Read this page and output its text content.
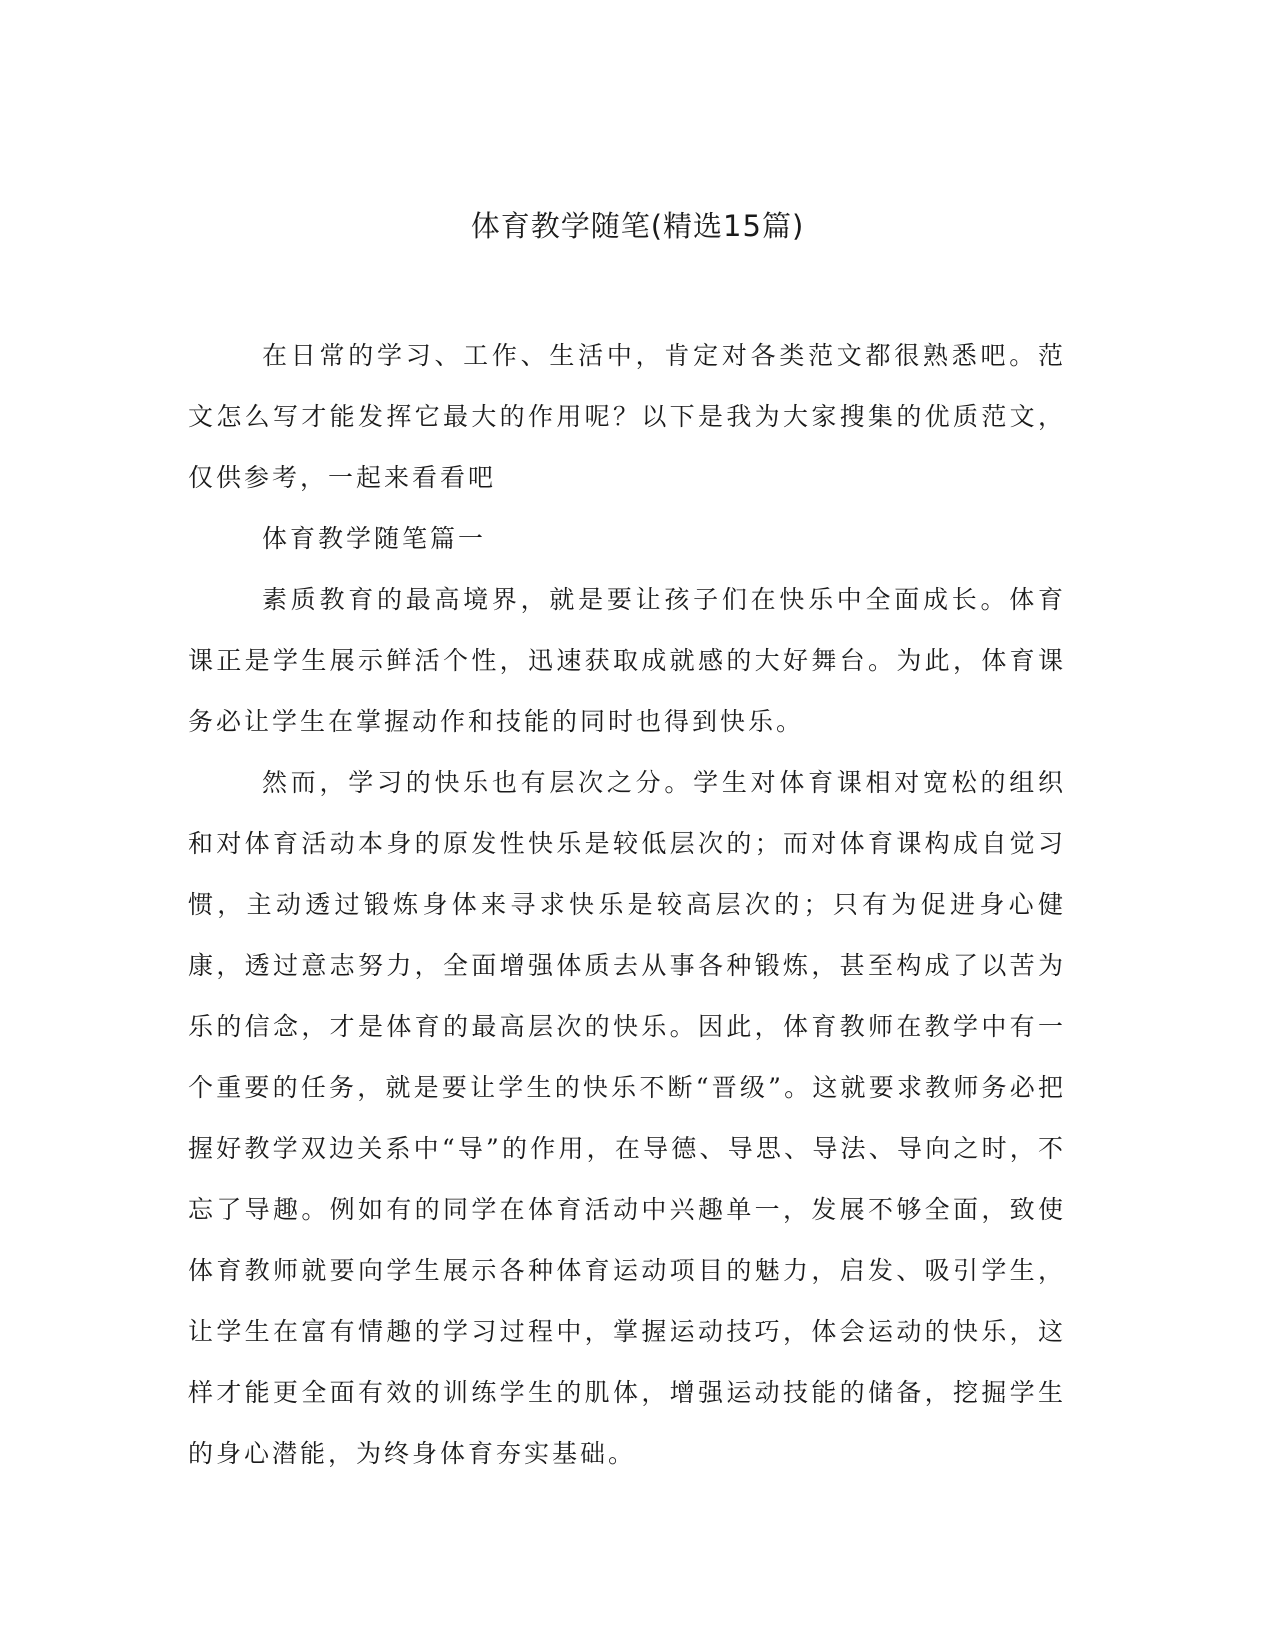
体育教学随笔(精选15篇)

在日常的学习、工作、生活中，肯定对各类范文都很熟悉吧。范文怎么写才能发挥它最大的作用呢？以下是我为大家搜集的优质范文，仅供参考，一起来看看吧

体育教学随笔篇一

素质教育的最高境界，就是要让孩子们在快乐中全面成长。体育课正是学生展示鲜活个性，迅速获取成就感的大好舞台。为此，体育课务必让学生在掌握动作和技能的同时也得到快乐。

然而，学习的快乐也有层次之分。学生对体育课相对宽松的组织和对体育活动本身的原发性快乐是较低层次的；而对体育课构成自觉习惯，主动透过锻炼身体来寻求快乐是较高层次的；只有为促进身心健康，透过意志努力，全面增强体质去从事各种锻炼，甚至构成了以苦为乐的信念，才是体育的最高层次的快乐。因此，体育教师在教学中有一个重要的任务，就是要让学生的快乐不断“晋级”。这就要求教师务必把握好教学双边关系中“导”的作用，在导德、导思、导法、导向之时，不忘了导趣。例如有的同学在体育活动中兴趣单一，发展不够全面，致使体育教师就要向学生展示各种体育运动项目的魅力，启发、吸引学生，让学生在富有情趣的学习过程中，掌握运动技巧，体会运动的快乐，这样才能更全面有效的训练学生的肌体，增强运动技能的储备，挖掘学生的身心潜能，为终身体育夯实基础。
